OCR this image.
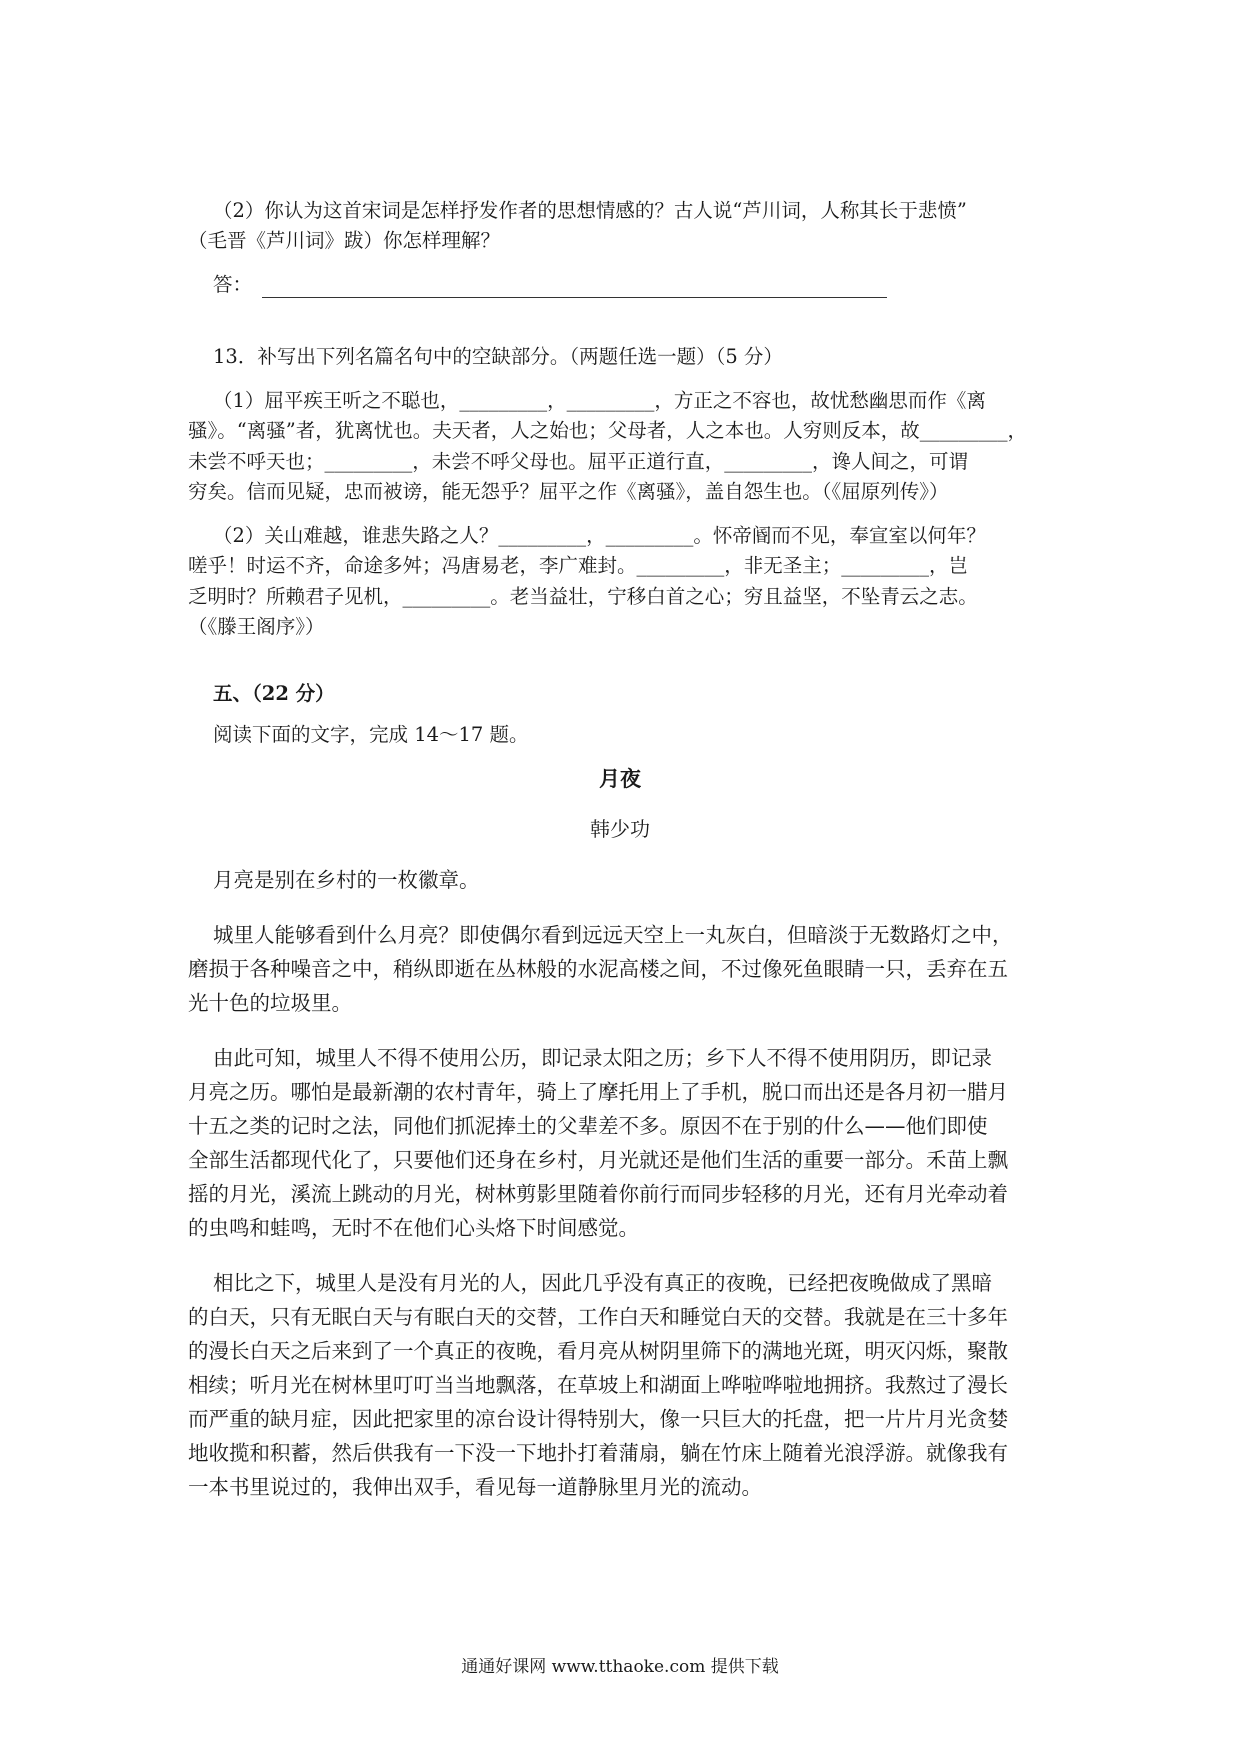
（2）你认为这首宋词是怎样抒发作者的思想情感的？古人说“芦川词，人称其长于悲愤”
（毛晋《芦川词》跋）你怎样理解？
答：
13．补写出下列名篇名句中的空缺部分。（两题任选一题）（5 分）
（1）屈平疾王听之不聪也，_________，_________，方正之不容也，故忧愁幽思而作《离
骚》。“离骚”者，犹离忧也。夫天者，人之始也；父母者，人之本也。人穷则反本，故_________，
未尝不呼天也；_________，未尝不呼父母也。屈平正道行直，_________，谗人间之，可谓
穷矣。信而见疑，忠而被谤，能无怨乎？屈平之作《离骚》，盖自怨生也。（《屈原列传》）
（2）关山难越，谁悲失路之人？_________，_________。怀帝阍而不见，奉宣室以何年？
嗟乎！时运不齐，命途多舛；冯唐易老，李广难封。_________，非无圣主；_________，岂
乏明时？所赖君子见机，_________。老当益壮，宁移白首之心；穷且益坚，不坠青云之志。
（《滕王阁序》）
五、（22 分）
阅读下面的文字，完成 14～17 题。
月夜
韩少功
月亮是别在乡村的一枚徽章。
城里人能够看到什么月亮？即使偶尔看到远远天空上一丸灰白，但暗淡于无数路灯之中，
磨损于各种噪音之中，稍纵即逝在丛林般的水泥高楼之间，不过像死鱼眼睛一只，丢弃在五
光十色的垃圾里。
由此可知，城里人不得不使用公历，即记录太阳之历；乡下人不得不使用阴历，即记录
月亮之历。哪怕是最新潮的农村青年，骑上了摩托用上了手机，脱口而出还是各月初一腊月
十五之类的记时之法，同他们抓泥捧土的父辈差不多。原因不在于别的什么——他们即使
全部生活都现代化了，只要他们还身在乡村，月光就还是他们生活的重要一部分。禾苗上飘
摇的月光，溪流上跳动的月光，树林剪影里随着你前行而同步轻移的月光，还有月光牵动着
的虫鸣和蛙鸣，无时不在他们心头烙下时间感觉。
相比之下，城里人是没有月光的人，因此几乎没有真正的夜晚，已经把夜晚做成了黑暗
的白天，只有无眠白天与有眠白天的交替，工作白天和睡觉白天的交替。我就是在三十多年
的漫长白天之后来到了一个真正的夜晚，看月亮从树阴里筛下的满地光斑，明灭闪烁，聚散
相续；听月光在树林里叮叮当当地飘落，在草坡上和湖面上哗啦哗啦地拥挤。我熬过了漫长
而严重的缺月症，因此把家里的凉台设计得特别大，像一只巨大的托盘，把一片片月光贪婪
地收揽和积蓄，然后供我有一下没一下地扑打着蒲扇，躺在竹床上随着光浪浮游。就像我有
一本书里说过的，我伸出双手，看见每一道静脉里月光的流动。
通通好课网 www.tthaoke.com 提供下载
